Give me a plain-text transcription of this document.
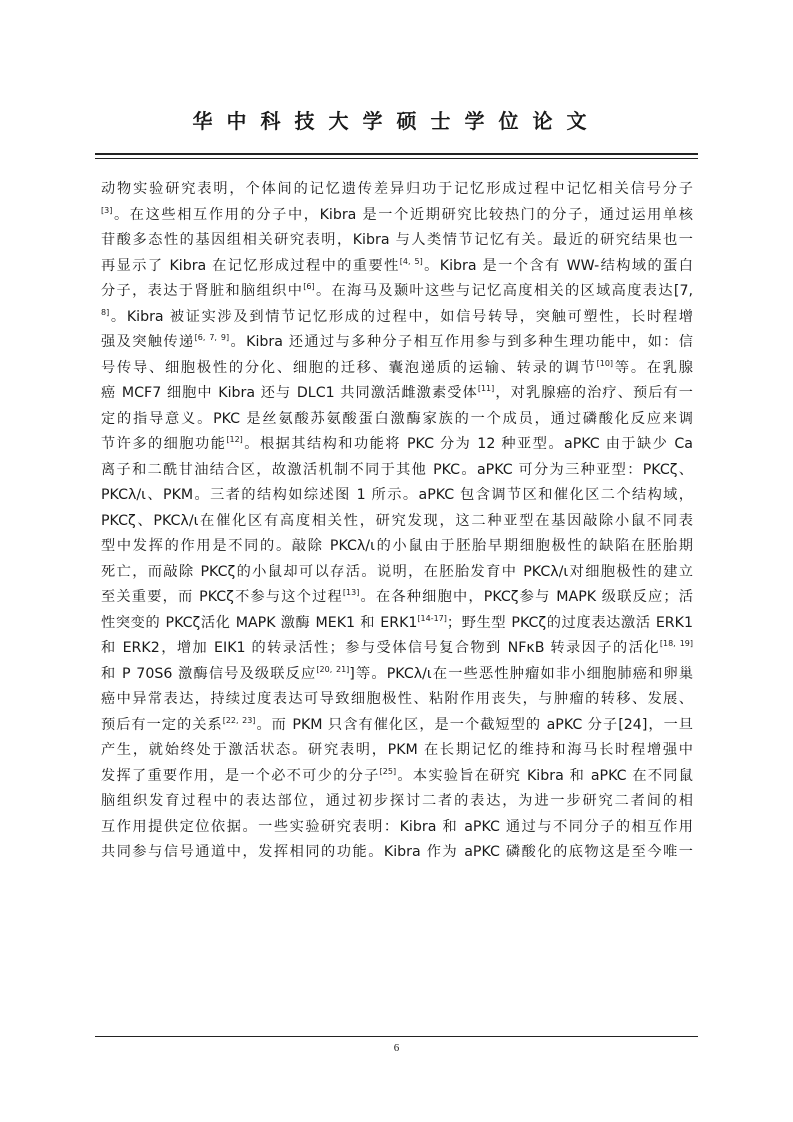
华中科技大学硕士学位论文
动物实验研究表明，个体间的记忆遗传差异归功于记忆形成过程中记忆相关信号分子
[3]。在这些相互作用的分子中，Kibra 是一个近期研究比较热门的分子，通过运用单核
苷酸多态性的基因组相关研究表明，Kibra 与人类情节记忆有关。最近的研究结果也一
再显示了 Kibra 在记忆形成过程中的重要性[4, 5]。Kibra 是一个含有 WW-结构域的蛋白
分子，表达于肾脏和脑组织中[6]。在海马及颞叶这些与记忆高度相关的区域高度表达[7,
$^{8]}$。Kibra 被证实涉及到情节记忆形成的过程中，如信号转导，突触可塑性，长时程增
强及突触传递[6, 7, 9]。Kibra 还通过与多种分子相互作用参与到多种生理功能中，如：信
号传导、细胞极性的分化、细胞的迁移、囊泡递质的运输、转录的调节[10]等。在乳腺
癌 MCF7 细胞中 Kibra 还与 DLC1 共同激活雌激素受体[11]，对乳腺癌的治疗、预后有一
定的指导意义。PKC 是丝氨酸苏氨酸蛋白激酶家族的一个成员，通过磷酸化反应来调
节许多的细胞功能[12]。根据其结构和功能将 PKC 分为 12 种亚型。aPKC 由于缺少 Ca
离子和二酰甘油结合区，故激活机制不同于其他 PKC。aPKC 可分为三种亚型：PKCζ、
PKCλ/ι、PKM。三者的结构如综述图 1 所示。aPKC 包含调节区和催化区二个结构域，
PKCζ、PKCλ/ι在催化区有高度相关性，研究发现，这二种亚型在基因敲除小鼠不同表
型中发挥的作用是不同的。敲除 PKCλ/ι的小鼠由于胚胎早期细胞极性的缺陷在胚胎期
死亡，而敲除 PKCζ的小鼠却可以存活。说明，在胚胎发育中 PKCλ/ι对细胞极性的建立
至关重要，而 PKCζ不参与这个过程[13]。在各种细胞中，PKCζ参与 MAPK 级联反应；活
性突变的 PKCζ活化 MAPK 激酶 MEK1 和 ERK1[14-17]；野生型 PKCζ的过度表达激活 ERK1
和 ERK2，增加 EIK1 的转录活性；参与受体信号复合物到 NFκB 转录因子的活化[18, 19]
和 P 70S6 激酶信号及级联反应[20, 21]]等。PKCλ/ι在一些恶性肿瘤如非小细胞肺癌和卵巢
癌中异常表达，持续过度表达可导致细胞极性、粘附作用丧失，与肿瘤的转移、发展、
预后有一定的关系[22, 23]。而 PKM 只含有催化区，是一个截短型的 aPKC 分子[24]，一旦
产生，就始终处于激活状态。研究表明，PKM 在长期记忆的维持和海马长时程增强中
发挥了重要作用，是一个必不可少的分子[25]。本实验旨在研究 Kibra 和 aPKC 在不同鼠
脑组织发育过程中的表达部位，通过初步探讨二者的表达，为进一步研究二者间的相
互作用提供定位依据。一些实验研究表明：Kibra 和 aPKC 通过与不同分子的相互作用
共同参与信号通道中，发挥相同的功能。Kibra 作为 aPKC 磷酸化的底物这是至今唯一
6
